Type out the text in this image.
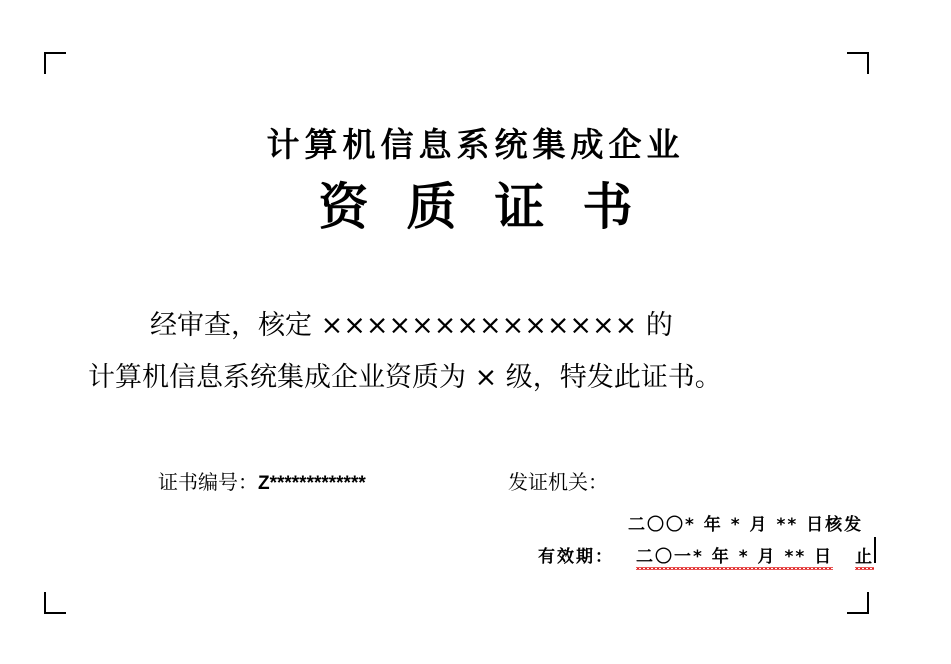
计算机信息系统集成企业
资质证书
经审查，核定 ×××××××××××××× 的
计算机信息系统集成企业资质为 × 级，特发此证书。
证书编号：Z*************	发证机关：
二〇〇* 年 * 月 ** 日核发
有效期： 二〇一* 年 * 月 ** 日 止
